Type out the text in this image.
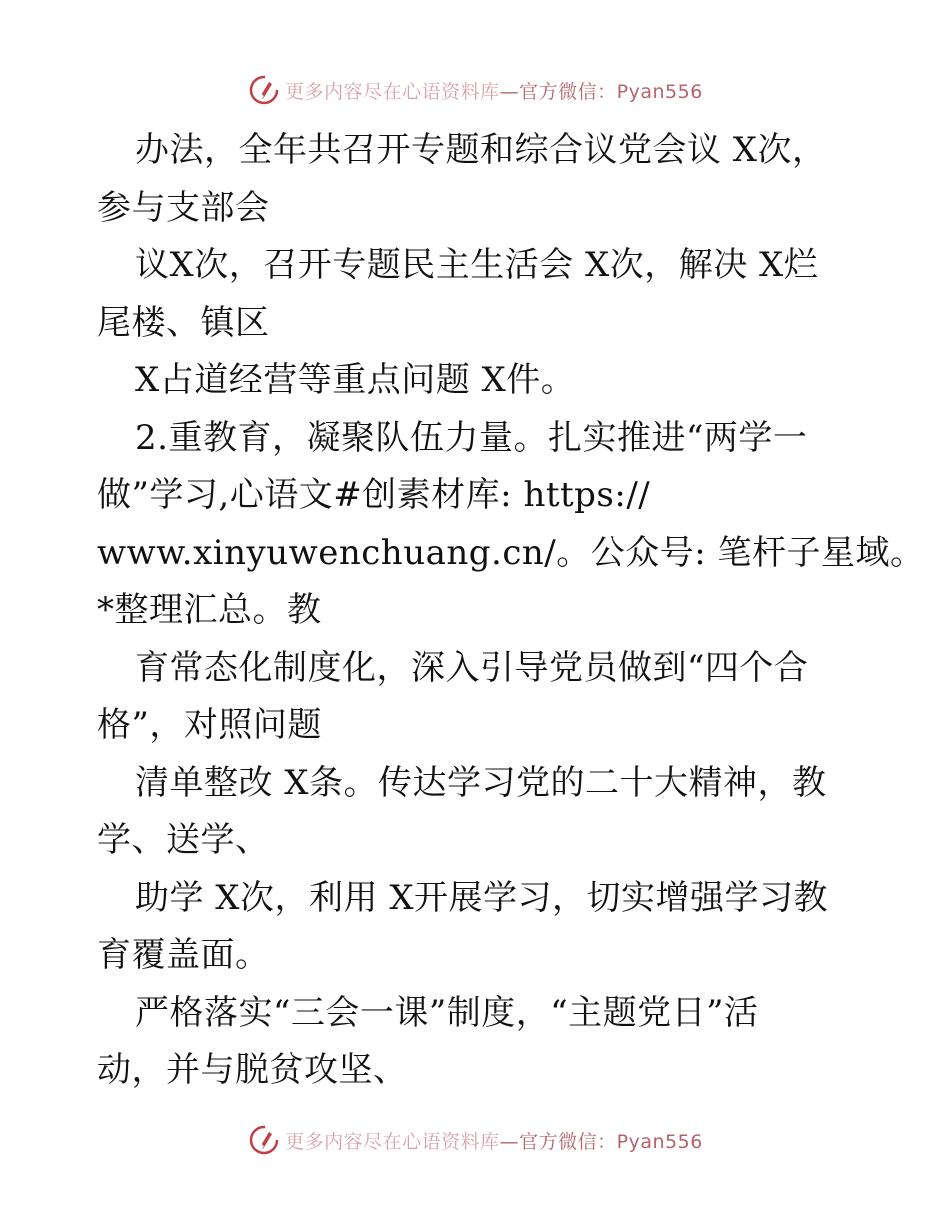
更多内容尽在心语资料库—官方微信：Pyan556
办法，全年共召开专题和综合议党会议 X次，
参与支部会
议X次，召开专题民主生活会 X次，解决 X烂
尾楼、镇区
X占道经营等重点问题 X件。
2.重教育，凝聚队伍力量。扎实推进“两学一
做”学习,心语文#创素材库: https://
www.xinyuwenchuang.cn/。公众号: 笔杆子星域。
*整理汇总。教
育常态化制度化，深入引导党员做到“四个合
格”，对照问题
清单整改 X条。传达学习党的二十大精神，教
学、送学、
助学 X次，利用 X开展学习，切实增强学习教
育覆盖面。
严格落实“三会一课”制度，“主题党日”活
动，并与脱贫攻坚、
更多内容尽在心语资料库—官方微信：Pyan556
